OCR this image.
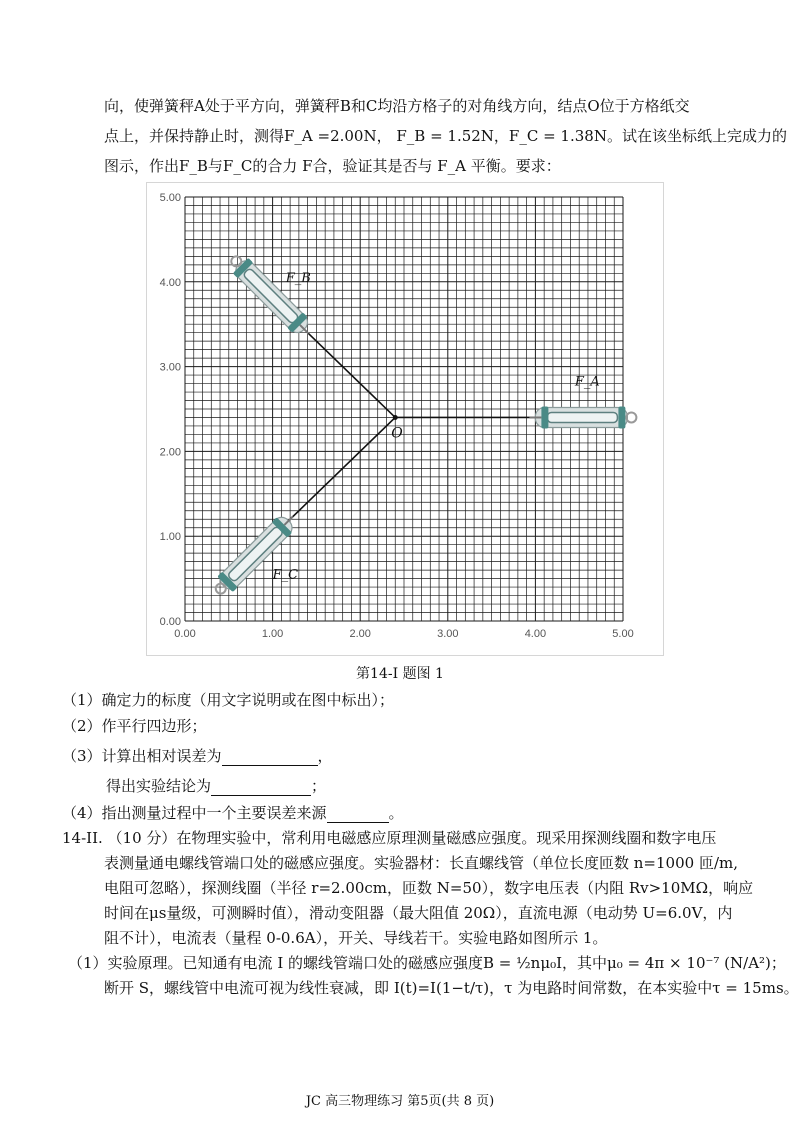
向，使弹簧秤A处于平方向，弹簧秤B和C均沿方格子的对角线方向，结点O位于方格纸交
点上，并保持静止时，测得F_A =2.00N， F_B = 1.52N，F_C = 1.38N。试在该坐标纸上完成力的
图示，作出F_B与F_C的合力 F合，验证其是否与 F_A 平衡。要求：
0.00	1.00	2.00	3.00	4.00	5.00
0.00
1.00
2.00
3.00
4.00
5.00
O
F_A
F_B
F_C
第14-I 题图 1
（1）确定力的标度（用文字说明或在图中标出）；
（2）作平行四边形；
（3）计算出相对误差为	，
得出实验结论为	；
（4）指出测量过程中一个主要误差来源	。
14-II. （10 分）在物理实验中，常利用电磁感应原理测量磁感应强度。现采用探测线圈和数字电压
表测量通电螺线管端口处的磁感应强度。实验器材：长直螺线管（单位长度匝数 n=1000 匝/m,
电阻可忽略），探测线圈（半径 r=2.00cm，匝数 N=50），数字电压表（内阻 Rv>10MΩ，响应
时间在μs量级，可测瞬时值），滑动变阻器（最大阻值 20Ω），直流电源（电动势 U=6.0V，内
阻不计），电流表（量程 0-0.6A），开关、导线若干。实验电路如图所示 1。
（1）实验原理。已知通有电流 I 的螺线管端口处的磁感应强度B = ½nμ₀I，其中μ₀ = 4π × 10⁻⁷ (N/A²)；
断开 S，螺线管中电流可视为线性衰减，即 I(t)=I(1−t/τ)，τ 为电路时间常数，在本实验中τ = 15ms。
JC 高三物理练习 第5页(共 8 页)
